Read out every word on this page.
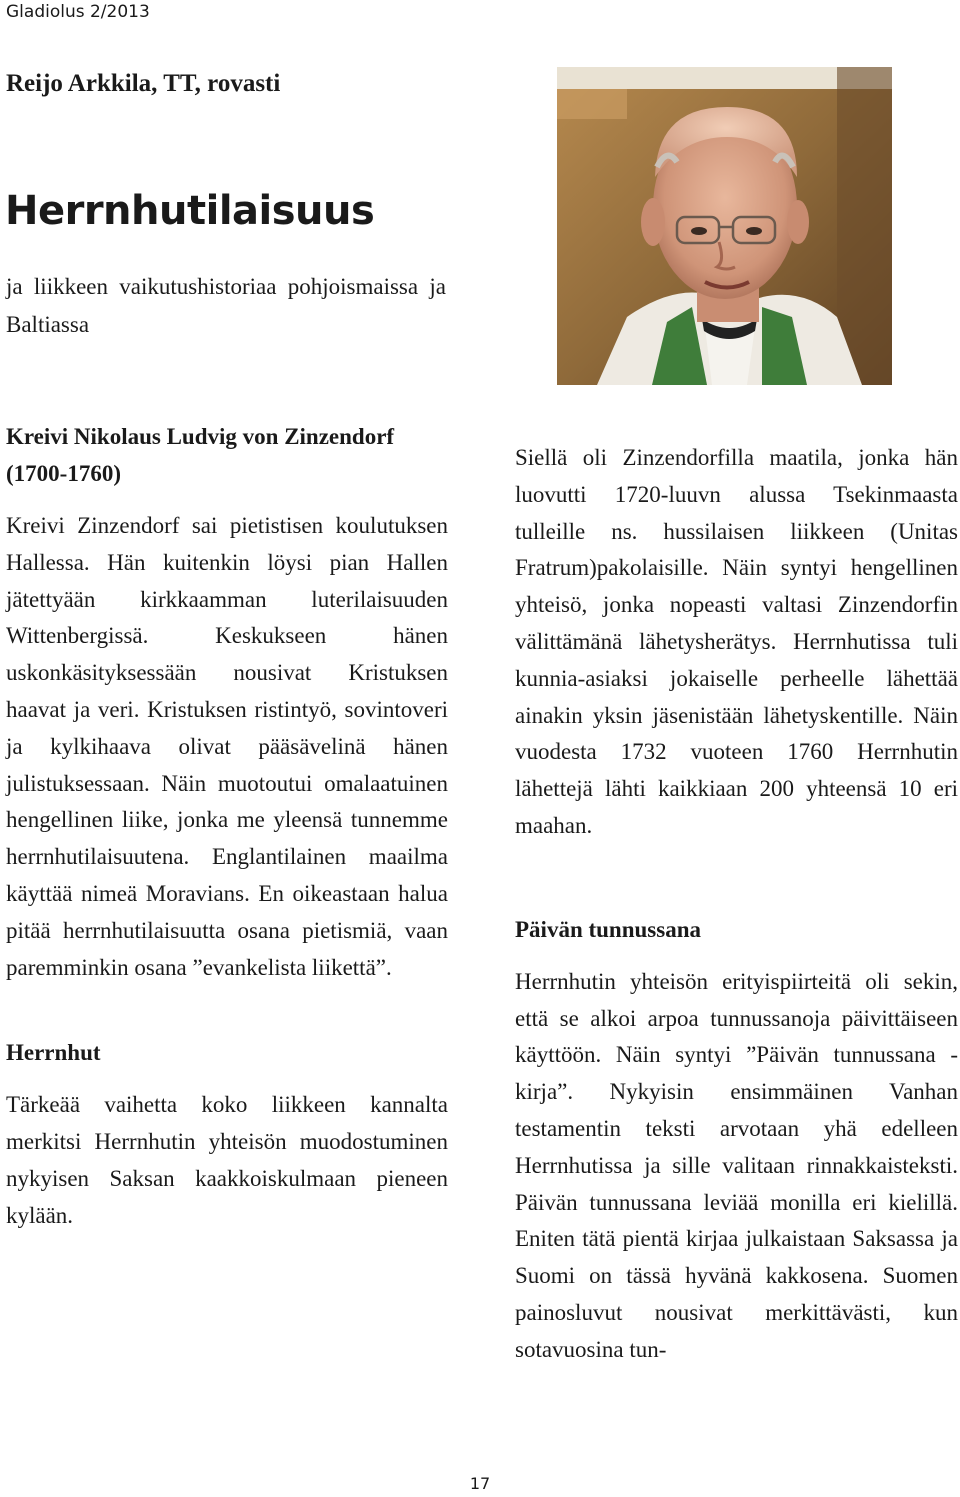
Gladiolus 2/2013
Reijo Arkkila, TT, rovasti
Herrnhutilaisuus
ja liikkeen vaikutushistoriaa pohjoismaissa ja Baltiassa
Kreivi Nikolaus Ludvig von Zinzendorf (1700-1760)

Kreivi Zinzendorf sai pietistisen koulutuksen Hallessa. Hän kuitenkin löysi pian Hallen jätettyään kirkkaamman luterilaisuuden Wittenbergissä. Keskukseen hänen uskonkäsityksessään nousivat Kristuksen haavat ja veri. Kristuksen ristintyö, sovintoveri ja kylkihaava olivat pääsävelinä hänen julistuksessaan. Näin muotoutui omalaatuinen hengellinen liike, jonka me yleensä tunnemme herrnhutilaisuutena. Englantilainen maailma käyttää nimeä Moravians. En oikeastaan halua pitää herrnhutilaisuutta osana pietismiä, vaan paremminkin osana ”evankelista liikettä”.

Herrnhut

Tärkeää vaihetta koko liikkeen kannalta merkitsi Herrnhutin yhteisön muodostuminen nykyisen Saksan kaakkoiskulmaan pieneen kylään.

Siellä oli Zinzendorfilla maatila, jonka hän luovutti 1720-luuvn alussa Tsekinmaasta tulleille ns. hussilaisen liikkeen (Unitas Fratrum)pakolaisille. Näin syntyi hengellinen yhteisö, jonka nopeasti valtasi Zinzendorfin välittämänä lähetysherätys. Herrnhutissa tuli kunnia-asiaksi jokaiselle perheelle lähettää ainakin yksin jäsenistään lähetyskentille. Näin vuodesta 1732 vuoteen 1760 Herrnhutin lähettejä lähti kaikkiaan 200 yhteensä 10 eri maahan.

Päivän tunnussana

Herrnhutin yhteisön erityispiirteitä oli sekin, että se alkoi arpoa tunnussanoja päivittäiseen käyttöön. Näin syntyi ”Päivän tunnussana -kirja”. Nykyisin ensimmäinen Vanhan testamentin teksti arvotaan yhä edelleen Herrnhutissa ja sille valitaan rinnakkaisteksti. Päivän tunnussana leviää monilla eri kielillä. Eniten tätä pientä kirjaa julkaistaan Saksassa ja Suomi on tässä hyvänä kakkosena. Suomen painosluvut nousivat merkittävästi, kun sotavuosina tun-

17
